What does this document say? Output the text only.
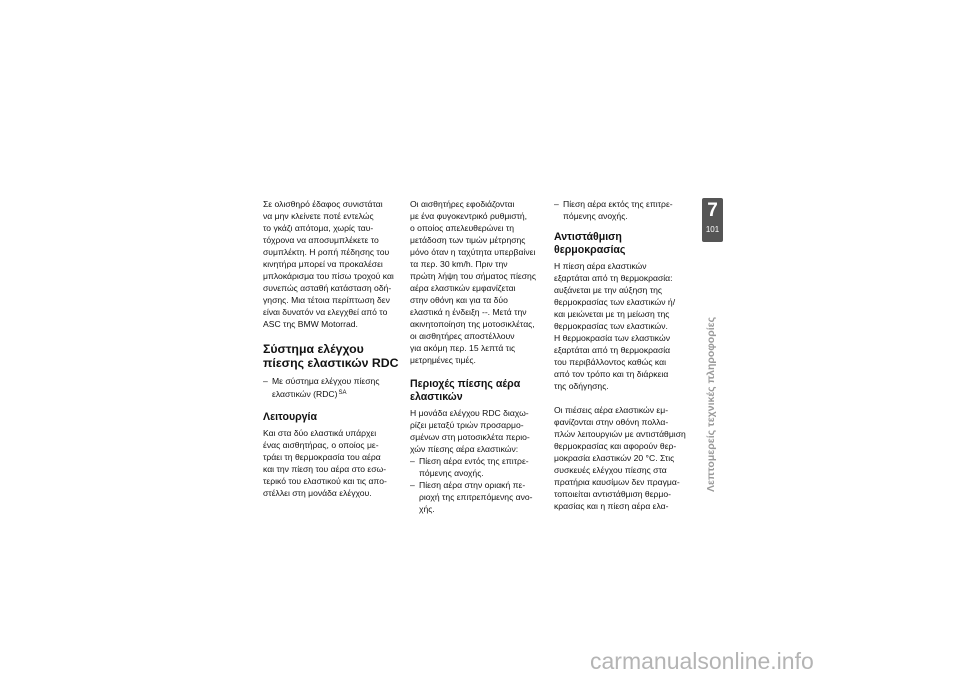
Σε ολισθηρό έδαφος συνιστάται
να μην κλείνετε ποτέ εντελώς
το γκάζι απότομα, χωρίς ταυ-
τόχρονα να αποσυμπλέκετε το
συμπλέκτη. Η ροπή πέδησης του
κινητήρα μπορεί να προκαλέσει
μπλοκάρισμα του πίσω τροχού και
συνεπώς ασταθή κατάσταση οδή-
γησης. Μια τέτοια περίπτωση δεν
είναι δυνατόν να ελεγχθεί από το
ASC της BMW Motorrad.
Σύστημα ελέγχου
πίεσης ελαστικών RDC
– Με σύστημα ελέγχου πίεσης
ελαστικών (RDC)$^{SA}$
Λειτουργία
Και στα δύο ελαστικά υπάρχει
ένας αισθητήρας, ο οποίος με-
τράει τη θερμοκρασία του αέρα
και την πίεση του αέρα στο εσω-
τερικό του ελαστικού και τις απο-
στέλλει στη μονάδα ελέγχου.
Οι αισθητήρες εφοδιάζονται
με ένα φυγοκεντρικό ρυθμιστή,
ο οποίος απελευθερώνει τη
μετάδοση των τιμών μέτρησης
μόνο όταν η ταχύτητα υπερβαίνει
τα περ. 30 km/h. Πριν την
πρώτη λήψη του σήματος πίεσης
αέρα ελαστικών εμφανίζεται
στην οθόνη και για τα δύο
ελαστικά η ένδειξη --. Μετά την
ακινητοποίηση της μοτοσικλέτας,
οι αισθητήρες αποστέλλουν
για ακόμη περ. 15 λεπτά τις
μετρημένες τιμές.
Περιοχές πίεσης αέρα
ελαστικών
Η μονάδα ελέγχου RDC διαχω-
ρίζει μεταξύ τριών προσαρμο-
σμένων στη μοτοσικλέτα περιο-
χών πίεσης αέρα ελαστικών:
– Πίεση αέρα εντός της επιτρε-
πόμενης ανοχής.
– Πίεση αέρα στην οριακή πε-
ριοχή της επιτρεπόμενης ανο-
χής.
– Πίεση αέρα εκτός της επιτρε-
πόμενης ανοχής.
Αντιστάθμιση
θερμοκρασίας
Η πίεση αέρα ελαστικών
εξαρτάται από τη θερμοκρασία:
αυξάνεται με την αύξηση της
θερμοκρασίας των ελαστικών ή/
και μειώνεται με τη μείωση της
θερμοκρασίας των ελαστικών.
Η θερμοκρασία των ελαστικών
εξαρτάται από τη θερμοκρασία
του περιβάλλοντος καθώς και
από τον τρόπο και τη διάρκεια
της οδήγησης.
Οι πιέσεις αέρα ελαστικών εμ-
φανίζονται στην οθόνη πολλα-
πλών λειτουργιών με αντιστάθμιση
θερμοκρασίας και αφορούν θερ-
μοκρασία ελαστικών 20 °C. Στις
συσκευές ελέγχου πίεσης στα
πρατήρια καυσίμων δεν πραγμα-
τοποιείται αντιστάθμιση θερμο-
κρασίας και η πίεση αέρα ελα-
7
101
Λεπτομερείς τεχνικές πληροφορίες
carmanualsonline.info
